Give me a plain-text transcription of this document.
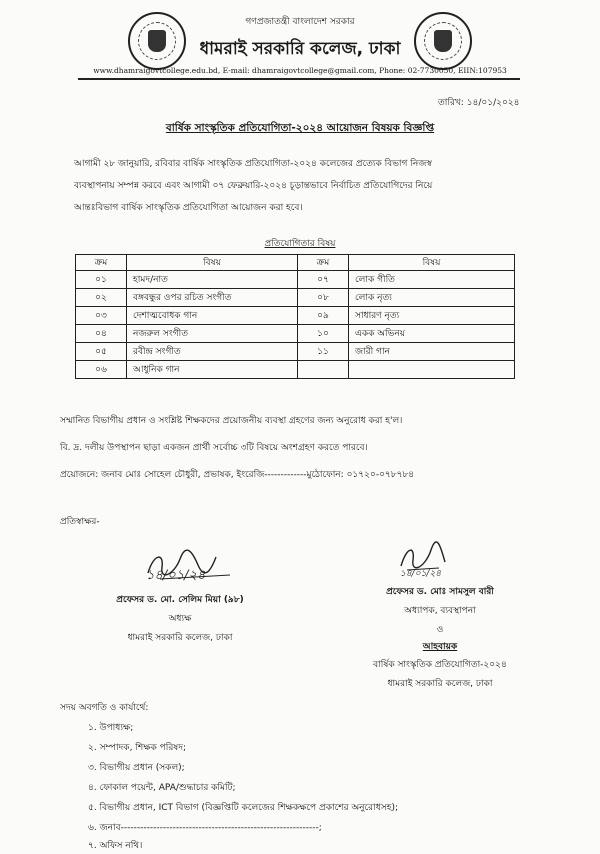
গণপ্রজাতন্ত্রী বাংলাদেশ সরকার
ধামরাই সরকারি কলেজ, ঢাকা
www.dhamraigovtcollege.edu.bd, E-mail: dhamraigovtcollege@gmail.com, Phone: 02-7730050, EIIN:107953
তারিখ: ১৪/০১/২০২৪
বার্ষিক সাংস্কৃতিক প্রতিযোগিতা-২০২৪ আয়োজন বিষয়ক বিজ্ঞপ্তি
আগামী ২৮ জানুয়ারি, রবিবার বার্ষিক সাংস্কৃতিক প্রতিযোগিতা-২০২৪ কলেজের প্রত্যেক বিভাগ নিজস্ব
ব্যবস্থাপনায় সম্পন্ন করবে এবং আগামী ০৭ ফেব্রুয়ারি-২০২৪ চূড়ান্তভাবে নির্বাচিত প্রতিযোগিদের নিয়ে
আন্তঃবিভাগ বার্ষিক সাংস্কৃতিক প্রতিযোগিতা আয়োজন করা হবে।
প্রতিযোগিতার বিষয়
ক্রম	বিষয়	ক্রম	বিষয়
০১	হামদ/নাত	০৭	লোক গীতি
০২	বঙ্গবন্ধুর ওপর রচিত সংগীত	০৮	লোক নৃত্য
০৩	দেশাত্মবোধক গান	০৯	সাধারণ নৃত্য
০৪	নজরুল সংগীত	১০	একক অভিনয়
০৫	রবীন্দ্র সংগীত	১১	জারী গান
০৬	আধুনিক গান		
সম্মানিত বিভাগীয় প্রধান ও সংশ্লিষ্ট শিক্ষকদের প্রয়োজনীয় ব্যবস্থা গ্রহণের জন্য অনুরোধ করা হ'ল।
বি. দ্র. দলীয় উপস্থাপন ছাড়া একজন প্রার্থী সর্বোচ্চ ৩টি বিষয়ে অংশগ্রহণ করতে পারবে।
প্রয়োজনে: জনাব মোঃ সোহেল চৌধুরী, প্রভাষক, ইংরেজি-------------মুঠোফোন: ০১৭২০-০৭৮৭৮৪
প্রতিস্বাক্ষর-
১৪/০১/২৪
প্রফেসর ড. মো. সেলিম মিয়া (৯৮)
অধ্যক্ষ
ধামরাই সরকারি কলেজ, ঢাকা
১৪/০১/২৪
প্রফেসর ড. মোঃ সামসুল বারী
অধ্যাপক, ব্যবস্থাপনা
ও
আহবায়ক
বার্ষিক সাংস্কৃতিক প্রতিযোগিতা-২০২৪
ধামরাই সরকারি কলেজ, ঢাকা
সদয় অবগতি ও কার্যার্থে:
১. উপাধ্যক্ষ;
২. সম্পাদক, শিক্ষক পরিষদ;
৩. বিভাগীয় প্রধান (সকল);
৪. ফোকাল পয়েন্ট, APA/শুদ্ধাচার কমিটি;
৫. বিভাগীয় প্রধান, ICT বিভাগ (বিজ্ঞপ্তিটি কলেজের শিক্ষকক্ষপে প্রকাশের অনুরোধসহ);
৬. জনাব-------------------------------------------------------------;
৭. অফিস নথি।
